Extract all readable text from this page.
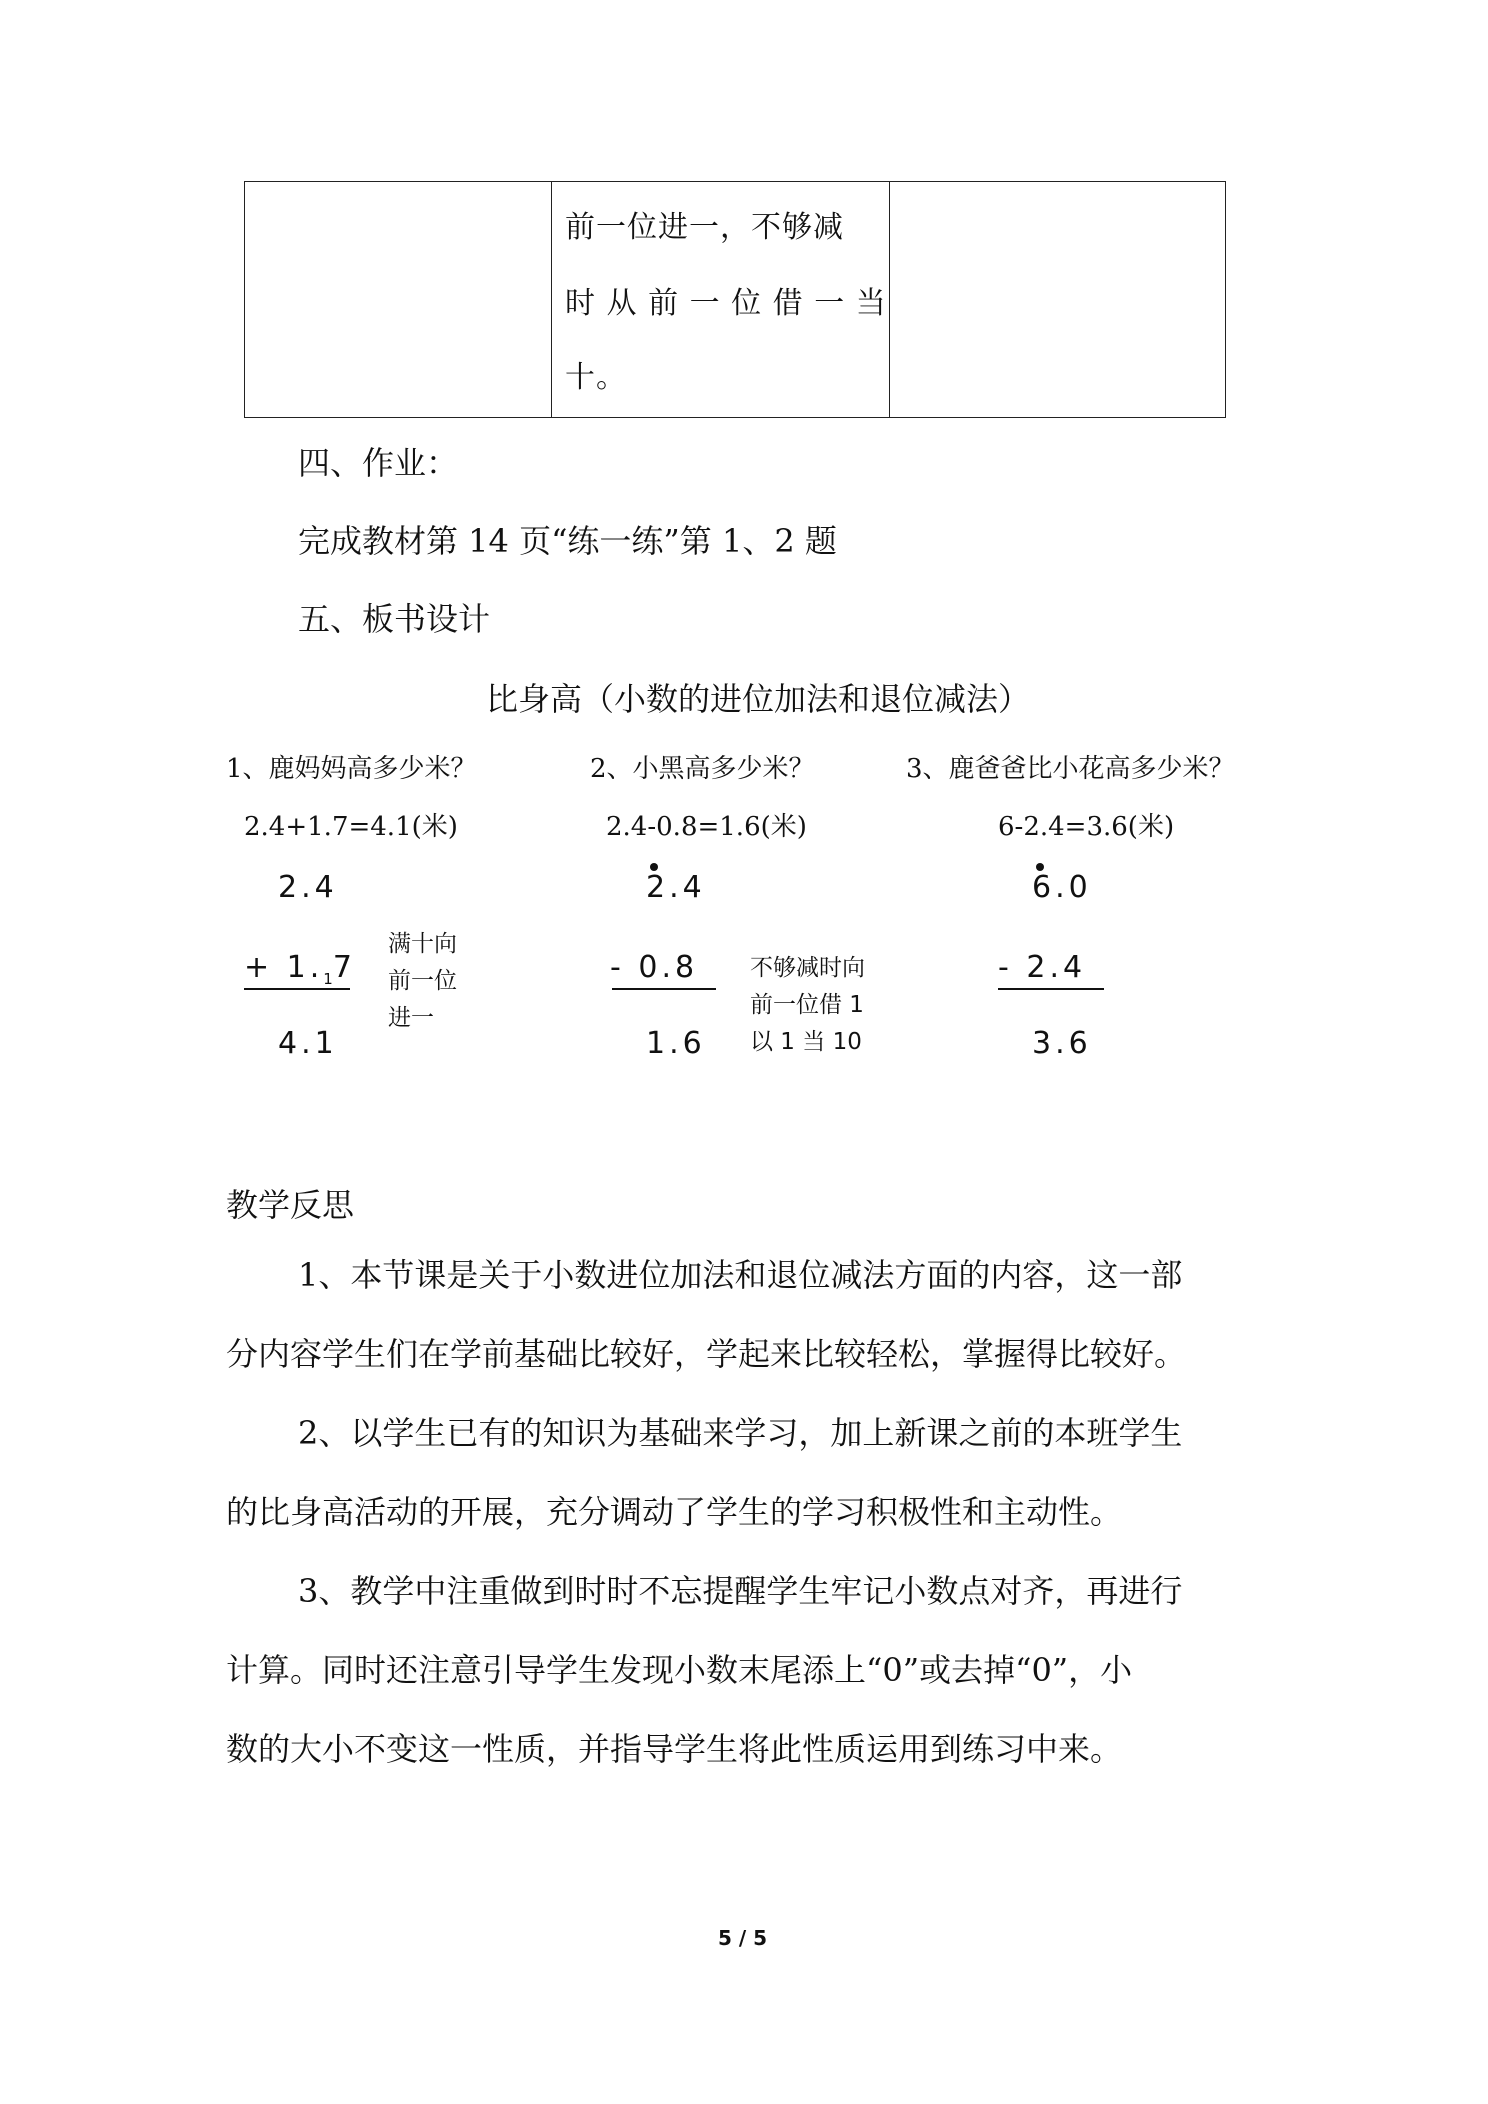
前一位进一，不够减
时 从 前 一 位 借 一 当
十。
四、作业：
完成教材第 14 页“练一练”第 1、2 题
五、板书设计
比身高（小数的进位加法和退位减法）
1、鹿妈妈高多少米？	2、小黑高多少米？	3、鹿爸爸比小花高多少米？
2.4+1.7=4.1(米)	2.4-0.8=1.6(米)	6-2.4=3.6(米)
2.4
+ $1._17$
4.1
满十向
前一位
进一
2.4
- 0.8
1.6
不够减时向
前一位借 1
以 1 当 10
6.0
- 2.4
3.6
教学反思
1、本节课是关于小数进位加法和退位减法方面的内容，这一部
分内容学生们在学前基础比较好，学起来比较轻松，掌握得比较好。
2、以学生已有的知识为基础来学习，加上新课之前的本班学生
的比身高活动的开展，充分调动了学生的学习积极性和主动性。
3、教学中注重做到时时不忘提醒学生牢记小数点对齐，再进行
计算。同时还注意引导学生发现小数末尾添上“0”或去掉“0”，小
数的大小不变这一性质，并指导学生将此性质运用到练习中来。
5 / 5
